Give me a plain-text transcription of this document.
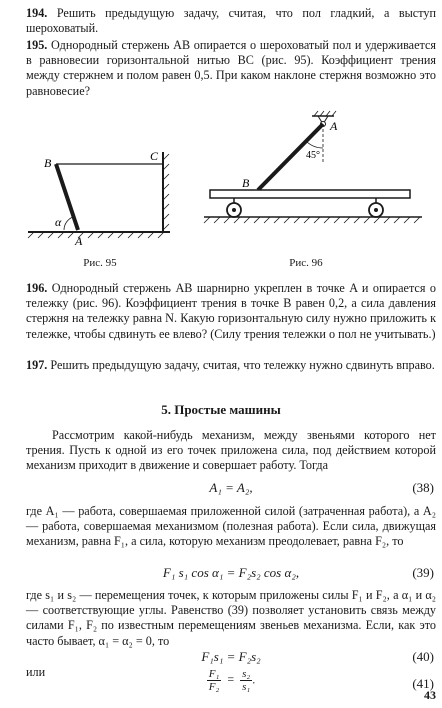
194. Решить предыдущую задачу, считая, что пол гладкий, а выступ шероховатый.

195. Однородный стержень AB опирается о шероховатый пол и удерживается в равновесии горизонтальной нитью BC (рис. 95). Коэффициент трения между стержнем и полом равен 0,5. При каком наклоне стержня возможно это равновесие?

B	C
α
A
Рис. 95
A
45°
B
Рис. 96

196. Однородный стержень AB шарнирно укреплен в точке A и опирается о тележку (рис. 96). Коэффициент трения в точке B равен 0,2, а сила давления стержня на тележку равна N. Какую горизонтальную силу нужно приложить к тележке, чтобы сдвинуть ее влево? (Силу трения тележки о пол не учитывать.)

197. Решить предыдущую задачу, считая, что тележку нужно сдвинуть вправо.

5. Простые машины

Рассмотрим какой-нибудь механизм, между звеньями которого нет трения. Пусть к одной из его точек приложена сила, под действием которой механизм приходит в движение и совершает работу. Тогда

A₁ = A₂,	(38)

где A₁ — работа, совершаемая приложенной силой (затраченная работа), а A₂ — работа, совершаемая механизмом (полезная работа). Если сила, движущая механизм, равна F₁, а сила, которую механизм преодолевает, равна F₂, то

F₁ s₁ cos α₁ = F₂s₂ cos α₂,	(39)

где s₁ и s₂ — перемещения точек, к которым приложены силы F₁ и F₂, а α₁ и α₂ — соответствующие углы. Равенство (39) позволяет установить связь между силами F₁, F₂ по известным перемещениям звеньев механизма. Если, как это часто бывает, α₁ = α₂ = 0, то

F₁s₁ = F₂s₂	(40)
или	$\frac{\text{F₁}}{\text{F₂}} = \frac{\text{s₂}}{\text{s₁}}$ .	(41)
43
